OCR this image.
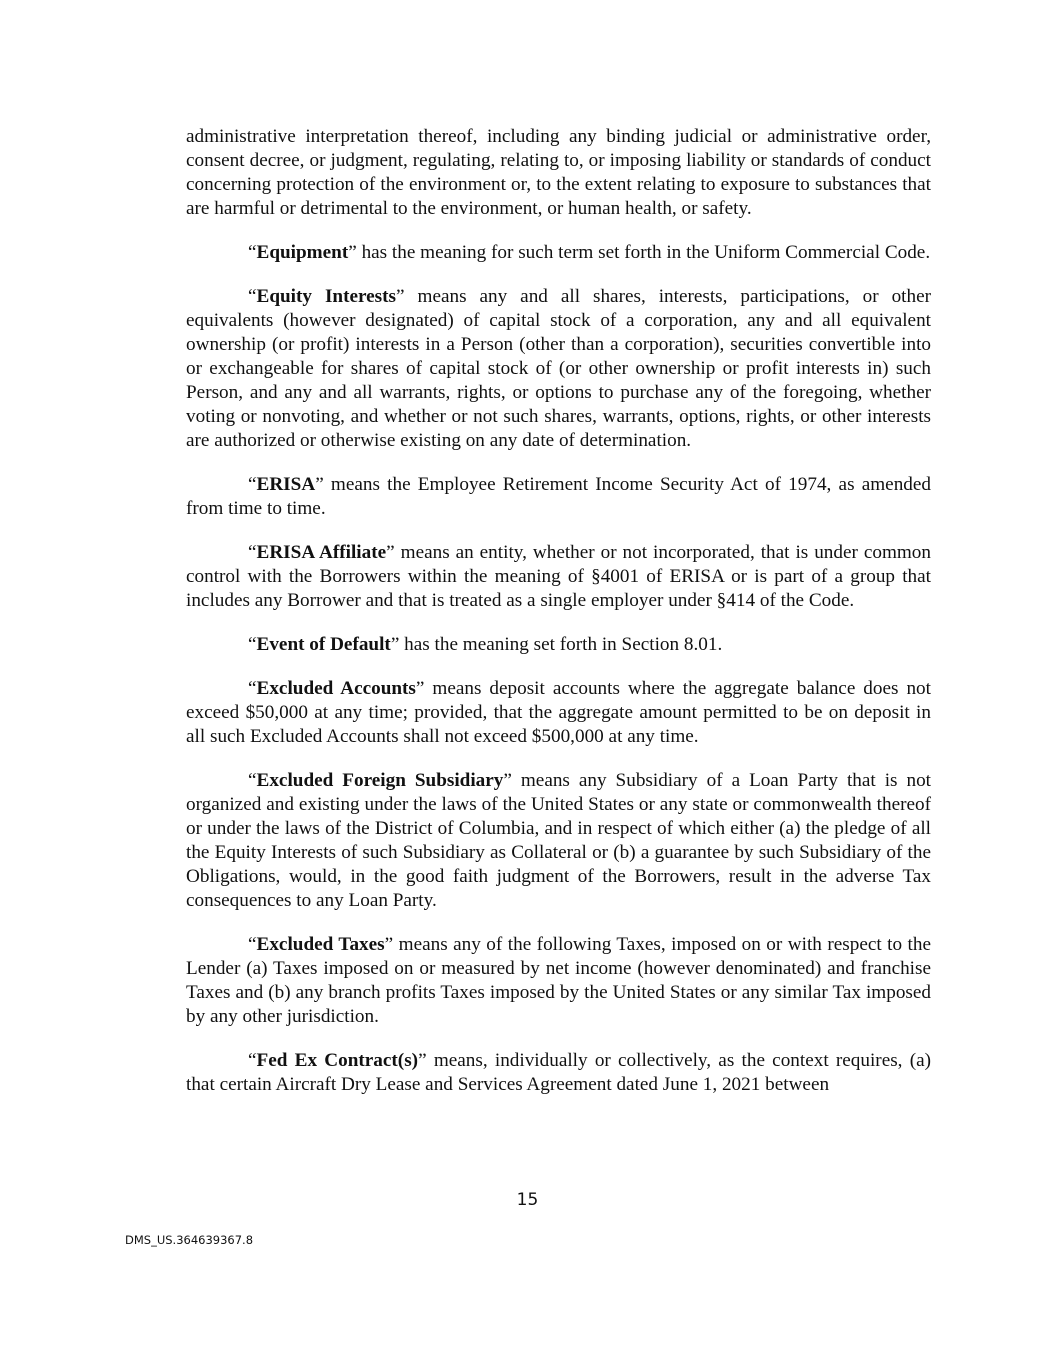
administrative interpretation thereof, including any binding judicial or administrative order, consent decree, or judgment, regulating, relating to, or imposing liability or standards of conduct concerning protection of the environment or, to the extent relating to exposure to substances that are harmful or detrimental to the environment, or human health, or safety.

“Equipment” has the meaning for such term set forth in the Uniform Commercial Code.

“Equity Interests” means any and all shares, interests, participations, or other equivalents (however designated) of capital stock of a corporation, any and all equivalent ownership (or profit) interests in a Person (other than a corporation), securities convertible into or exchangeable for shares of capital stock of (or other ownership or profit interests in) such Person, and any and all warrants, rights, or options to purchase any of the foregoing, whether voting or nonvoting, and whether or not such shares, warrants, options, rights, or other interests are authorized or otherwise existing on any date of determination.

“ERISA” means the Employee Retirement Income Security Act of 1974, as amended from time to time.

“ERISA Affiliate” means an entity, whether or not incorporated, that is under common control with the Borrowers within the meaning of §4001 of ERISA or is part of a group that includes any Borrower and that is treated as a single employer under §414 of the Code.

“Event of Default” has the meaning set forth in Section 8.01.

“Excluded Accounts” means deposit accounts where the aggregate balance does not exceed $50,000 at any time; provided, that the aggregate amount permitted to be on deposit in all such Excluded Accounts shall not exceed $500,000 at any time.

“Excluded Foreign Subsidiary” means any Subsidiary of a Loan Party that is not organized and existing under the laws of the United States or any state or commonwealth thereof or under the laws of the District of Columbia, and in respect of which either (a) the pledge of all the Equity Interests of such Subsidiary as Collateral or (b) a guarantee by such Subsidiary of the Obligations, would, in the good faith judgment of the Borrowers, result in the adverse Tax consequences to any Loan Party.

“Excluded Taxes” means any of the following Taxes, imposed on or with respect to the Lender (a) Taxes imposed on or measured by net income (however denominated) and franchise Taxes and (b) any branch profits Taxes imposed by the United States or any similar Tax imposed by any other jurisdiction.

“Fed Ex Contract(s)” means, individually or collectively, as the context requires, (a) that certain Aircraft Dry Lease and Services Agreement dated June 1, 2021 between

15
DMS_US.364639367.8
